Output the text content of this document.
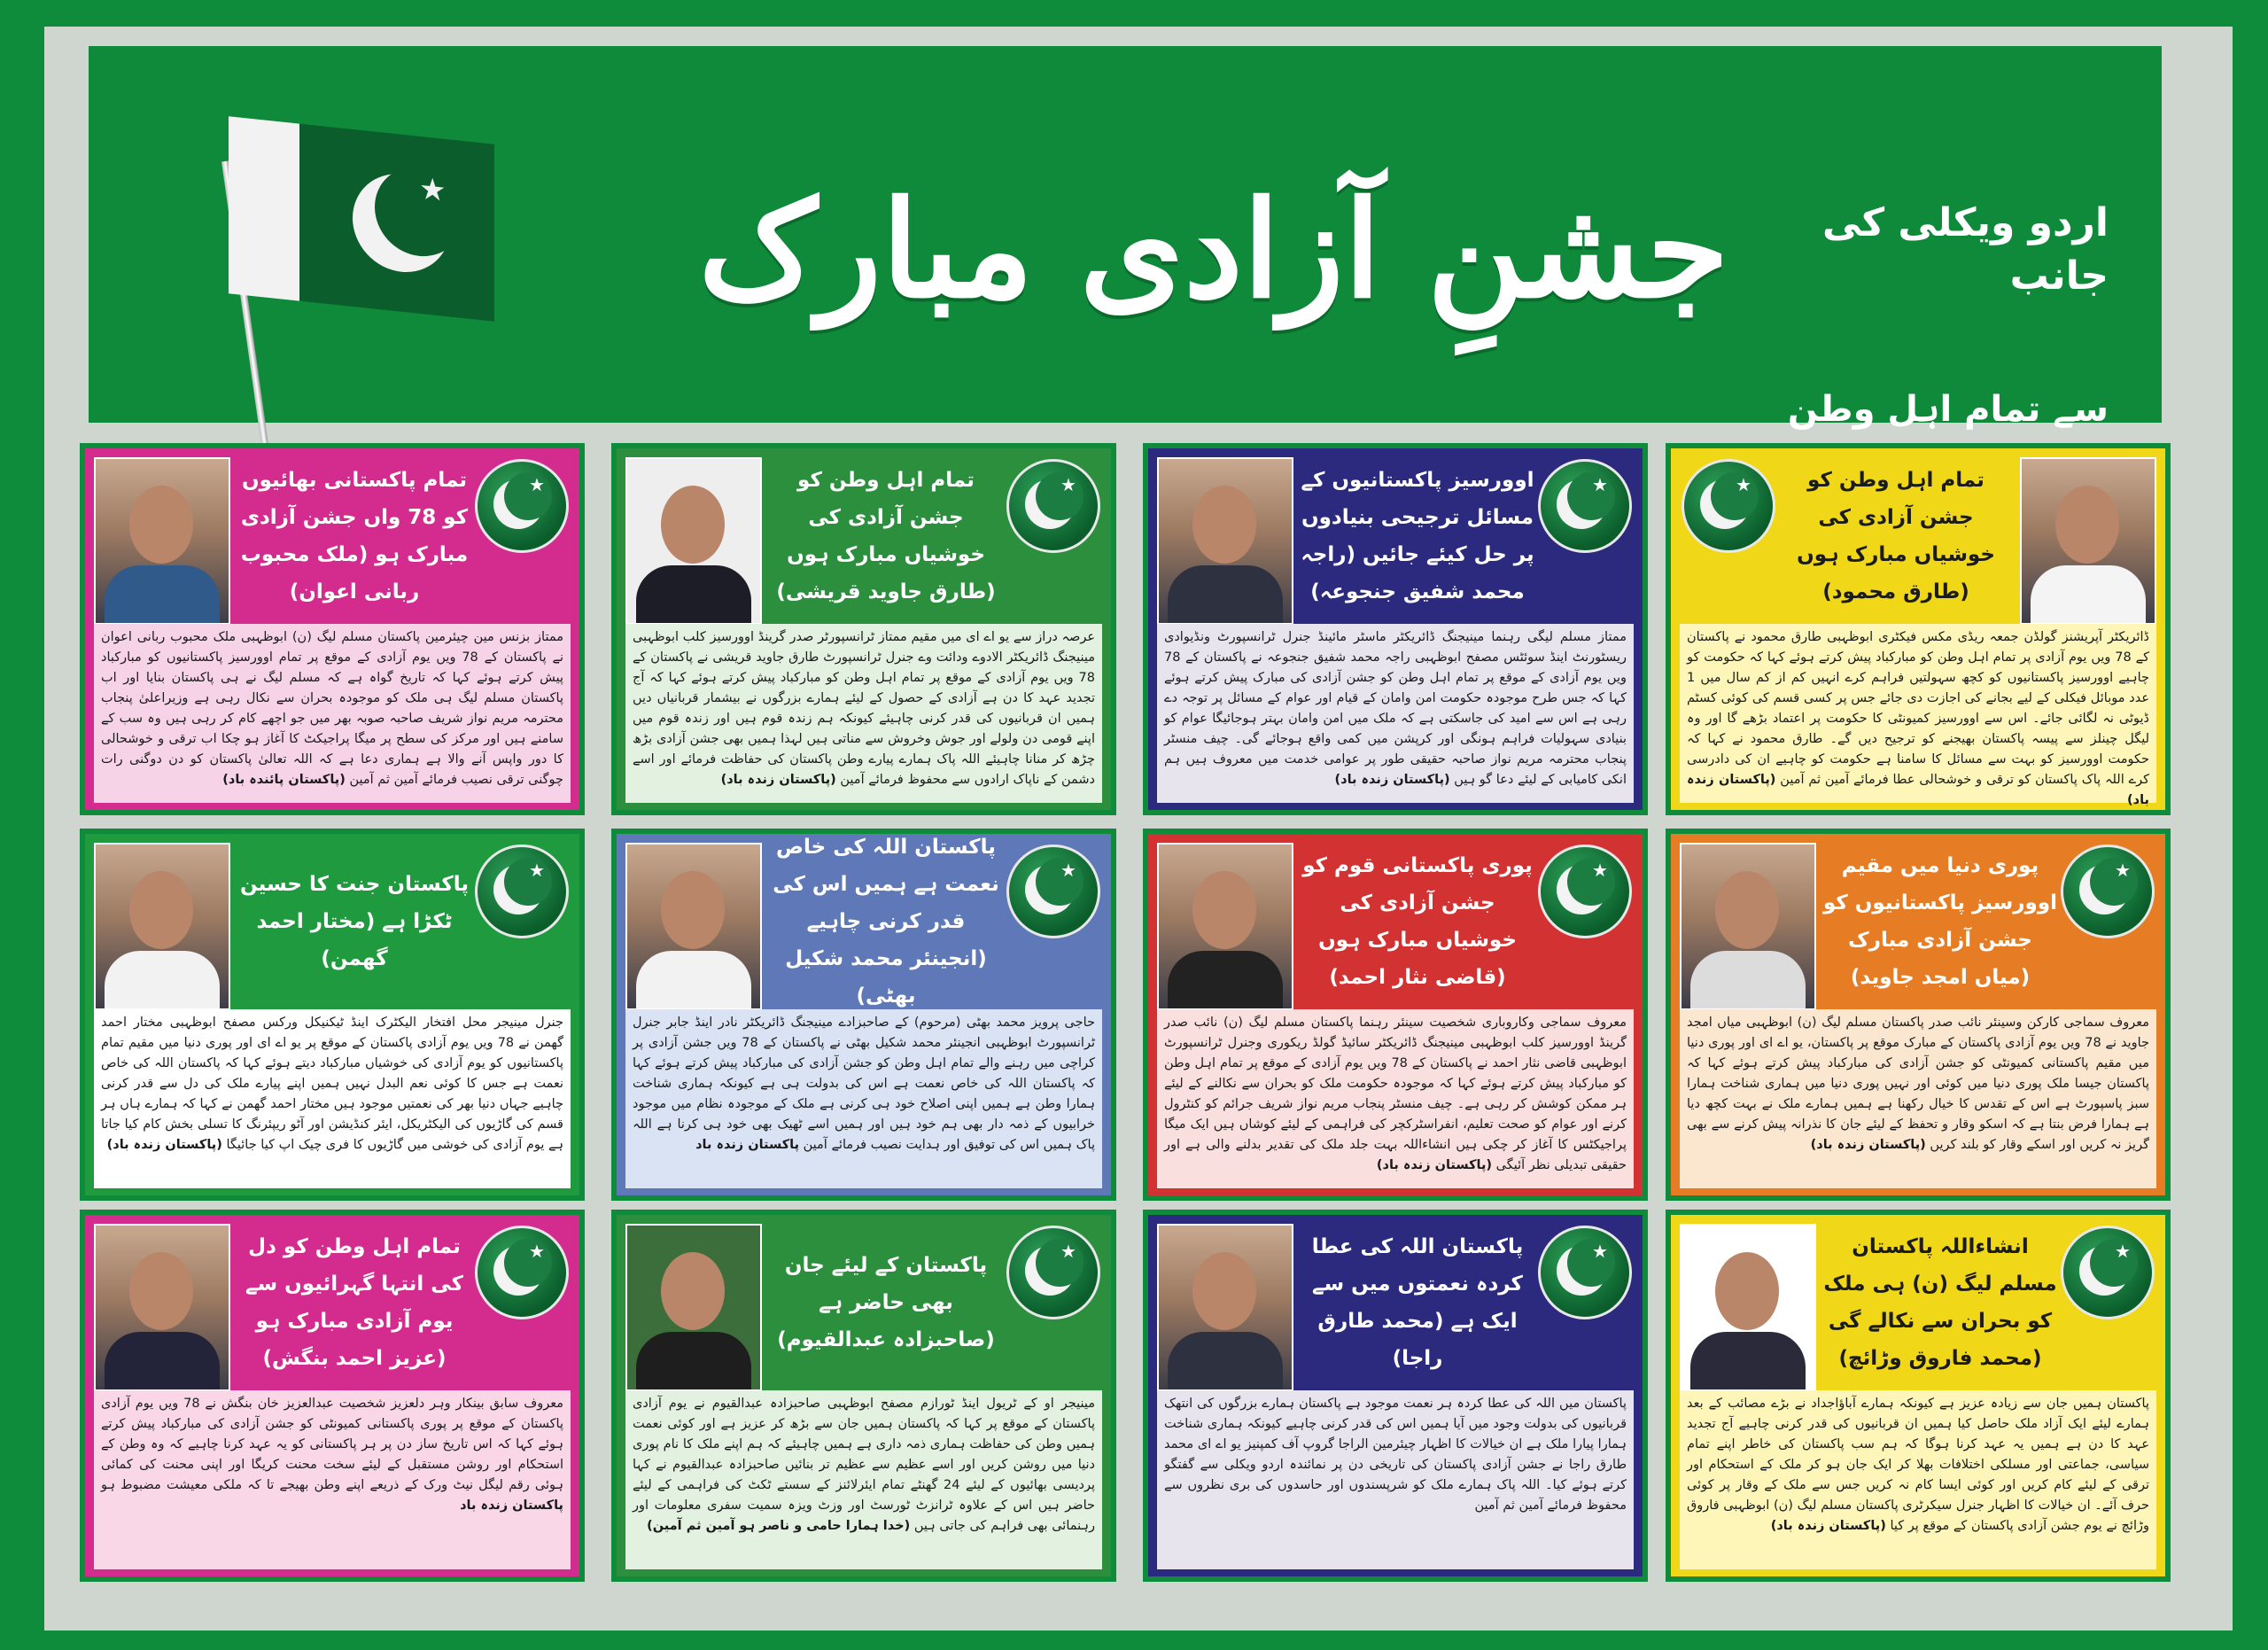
★	جشنِ آزادی مبارک	اردو ویکلی کی جانب
سے تمام اہل وطن
★	تمام اہل وطن کو جشن آزادی کی خوشیاں مبارک ہوں (طارق محمود)
ڈائریکٹر آپریشنز گولڈن جمعہ ریڈی مکس فیکٹری ابوظہبی طارق محمود نے پاکستان کے 78 ویں یوم آزادی پر تمام اہل وطن کو مبارکباد پیش کرتے ہوئے کہا کہ حکومت کو چاہیے اوورسیز پاکستانیوں کو کچھ سہولتیں فراہم کرے انہیں کم از کم سال میں 1 عدد موبائل فیکلی کے لیے بجانے کی اجازت دی جائے جس پر کسی قسم کی کوئی کسٹم ڈیوٹی نہ لگائی جائے۔ اس سے اوورسیز کمیونٹی کا حکومت پر اعتماد بڑھے گا اور وہ لیگل چینلز سے پیسہ پاکستان بھیجنے کو ترجیح دیں گے۔ طارق محمود نے کہا کہ حکومت اوورسیز کو بہت سے مسائل کا سامنا ہے حکومت کو چاہیے ان کی دادرسی کرے اللہ پاک پاکستان کو ترقی و خوشحالی عطا فرمائے آمین ثم آمین (پاکستان زندہ باد)
★
اوورسیز پاکستانیوں کے مسائل ترجیحی بنیادوں پر حل کیئے جائیں (راجہ محمد شفیق جنجوعہ)
ممتاز مسلم لیگی رہنما مینیجنگ ڈائریکٹر ماسٹر مائینڈ جنرل ٹرانسپورٹ ونڈیوادی ریسٹورنٹ اینڈ سوئٹس مصفح ابوظہبی راجہ محمد شفیق جنجوعہ نے پاکستان کے 78 ویں یوم آزادی کے موقع پر تمام اہل وطن کو جشن آزادی کی مبارک پیش کرتے ہوئے کہا کہ جس طرح موجودہ حکومت امن وامان کے قیام اور عوام کے مسائل پر توجہ دے رہی ہے اس سے امید کی جاسکتی ہے کہ ملک میں امن وامان بہتر ہوجائیگا عوام کو بنیادی سہولیات فراہم ہونگی اور کرپشن میں کمی واقع ہوجائے گی۔ چیف منسٹر پنجاب محترمہ مریم نواز صاحبہ حقیقی طور پر عوامی خدمت میں معروف ہیں ہم انکی کامیابی کے لیئے دعا گو ہیں (پاکستان زندہ باد)
★
تمام اہل وطن کو جشن آزادی کی خوشیاں مبارک ہوں (طارق جاوید قریشی)
عرصہ دراز سے یو اے ای میں مقیم ممتاز ٹرانسپورٹر صدر گرینڈ اوورسیز کلب ابوظہبی مینیجنگ ڈائریکٹر الادوے ودائت وے جنرل ٹرانسپورٹ طارق جاوید قریشی نے پاکستان کے 78 ویں یوم آزادی کے موقع پر تمام اہل وطن کو مبارکباد پیش کرتے ہوئے کہا کہ آج تجدید عہد کا دن ہے آزادی کے حصول کے لیئے ہمارے بزرگوں نے بیشمار قربانیاں دیں ہمیں ان قربانیوں کی قدر کرنی چاہیئے کیونکہ ہم زندہ قوم ہیں اور زندہ قوم میں اپنے قومی دن ولولے اور جوش وخروش سے مناتی ہیں لہذا ہمیں بھی جشن آزادی بڑھ چڑھ کر منانا چاہیئے اللہ پاک ہمارے پیارے وطن پاکستان کی حفاظت فرمائے اور اسے دشمن کے ناپاک ارادوں سے محفوظ فرمائے آمین (پاکستان زندہ باد)
★
تمام پاکستانی بھائیوں کو 78 واں جشن آزادی مبارک ہو (ملک محبوب ربانی اعوان)
ممتاز بزنس مین چیئرمین پاکستان مسلم لیگ (ن) ابوظہبی ملک محبوب ربانی اعوان نے پاکستان کے 78 ویں یوم آزادی کے موقع پر تمام اوورسیز پاکستانیوں کو مبارکباد پیش کرتے ہوئے کہا کہ تاریخ گواہ ہے کہ مسلم لیگ نے ہی پاکستان بنایا اور اب پاکستان مسلم لیگ ہی ملک کو موجودہ بحران سے نکال رہی ہے وزیراعلیٰ پنجاب محترمہ مریم نواز شریف صاحبہ صوبہ بھر میں جو اچھے کام کر رہی ہیں وہ سب کے سامنے ہیں اور مرکز کی سطح پر میگا پراجیکٹ کا آغاز ہو چکا اب ترقی و خوشحالی کا دور واپس آنے والا ہے ہماری دعا ہے کہ اللہ تعالیٰ پاکستان کو دن دوگنی رات چوگنی ترقی نصیب فرمائے آمین ثم آمین (پاکستان پائندہ باد)
★
پوری دنیا میں مقیم اوورسیز پاکستانیوں کو جشن آزادی مبارک (میاں امجد جاوید)
معروف سماجی کارکن وسینئر نائب صدر پاکستان مسلم لیگ (ن) ابوظہبی میاں امجد جاوید نے 78 ویں یوم آزادی پاکستان کے مبارک موقع پر پاکستان، یو اے ای اور پوری دنیا میں مقیم پاکستانی کمیونٹی کو جشن آزادی کی مبارکباد پیش کرتے ہوئے کہا کہ پاکستان جیسا ملک پوری دنیا میں کوئی اور نہیں پوری دنیا میں ہماری شناخت ہمارا سبز پاسپورٹ ہے اس کے تقدس کا خیال رکھنا ہے ہمیں ہمارے ملک نے بہت کچھ دیا ہے ہمارا فرض بنتا ہے کہ اسکو وقار و تحفظ کے لیئے جان کا نذرانہ پیش کرنے سے بھی گریز نہ کریں اور اسکے وقار کو بلند کریں (پاکستان زندہ باد)
★
پوری پاکستانی قوم کو جشن آزادی کی خوشیاں مبارک ہوں (قاضی نثار احمد)
معروف سماجی وکاروباری شخصیت سینئر رہنما پاکستان مسلم لیگ (ن) نائب صدر گرینڈ اوورسیز کلب ابوظہبی مینیجنگ ڈائریکٹر سائیڈ گولڈ ریکوری وجنرل ٹرانسپورٹ ابوظہبی قاضی نثار احمد نے پاکستان کے 78 ویں یوم آزادی کے موقع پر تمام اہل وطن کو مبارکباد پیش کرتے ہوئے کہا کہ موجودہ حکومت ملک کو بحران سے نکالنے کے لیئے ہر ممکن کوشش کر رہی ہے۔ چیف منسٹر پنجاب مریم نواز شریف جرائم کو کنٹرول کرنے اور عوام کو صحت تعلیم، انفراسٹرکچر کی فراہمی کے لیئے کوشاں ہیں ایک میگا پراجیکٹس کا آغاز کر چکی ہیں انشاءاللہ بہت جلد ملک کی تقدیر بدلنے والی ہے اور حقیقی تبدیلی نظر آئیگی (پاکستان زندہ باد)
★
پاکستان اللہ کی خاص نعمت ہے ہمیں اس کی قدر کرنی چاہیے (انجینئر محمد شکیل بھٹی)
حاجی پرویز محمد بھٹی (مرحوم) کے صاحبزادے مینیجنگ ڈائریکٹر نادر اینڈ جابر جنرل ٹرانسپورٹ ابوظہبی انجینئر محمد شکیل بھٹی نے پاکستان کے 78 ویں جشن آزادی پر کراچی میں رہنے والے تمام اہل وطن کو جشن آزادی کی مبارکباد پیش کرتے ہوئے کہا کہ پاکستان اللہ کی خاص نعمت ہے اس کی بدولت ہی ہے کیونکہ ہماری شناخت ہمارا وطن ہے ہمیں اپنی اصلاح خود ہی کرنی ہے ملک کے موجودہ نظام میں موجود خرابیوں کے ذمہ دار بھی ہم خود ہیں اور ہمیں اسے ٹھیک بھی خود ہی کرنا ہے اللہ پاک ہمیں اس کی توفیق اور ہدایت نصیب فرمائے آمین پاکستان زندہ باد
★
پاکستان جنت کا حسین ٹکڑا ہے (مختار احمد گھمن)
جنرل مینیجر محل افتخار الیکٹرک اینڈ ٹیکنیکل ورکس مصفح ابوظہبی مختار احمد گھمن نے 78 ویں یوم آزادی پاکستان کے موقع پر یو اے ای اور پوری دنیا میں مقیم تمام پاکستانیوں کو یوم آزادی کی خوشیاں مبارکباد دیتے ہوئے کہا کہ پاکستان اللہ کی خاص نعمت ہے جس کا کوئی نعم البدل نہیں ہمیں اپنے پیارے ملک کی دل سے قدر کرنی چاہیے جہاں دنیا بھر کی نعمتیں موجود ہیں مختار احمد گھمن نے کہا کہ ہمارے ہاں ہر قسم کی گاڑیوں کی الیکٹریکل، ایئر کنڈیشن اور آٹو ریپئرنگ کا تسلی بخش کام کیا جاتا ہے یوم آزادی کی خوشی میں گاڑیوں کا فری چیک اپ کیا جائیگا (پاکستان زندہ باد)
★
انشاءاللہ پاکستان مسلم لیگ (ن) ہی ملک کو بحران سے نکالے گی (محمد فاروق وڑائچ)
پاکستان ہمیں جان سے زیادہ عزیز ہے کیونکہ ہمارے آباؤاجداد نے بڑے مصائب کے بعد ہمارے لیئے ایک آزاد ملک حاصل کیا ہمیں ان قربانیوں کی قدر کرنی چاہیے آج تجدید عہد کا دن ہے ہمیں یہ عہد کرنا ہوگا کہ ہم سب پاکستان کی خاطر اپنے تمام سیاسی، جماعتی اور مسلکی اختلافات بھلا کر ایک جان ہو کر ملک کے استحکام اور ترقی کے لیئے کام کریں اور کوئی ایسا کام نہ کریں جس سے ملک کے وقار پر کوئی حرف آئے۔ ان خیالات کا اظہار جنرل سیکرٹری پاکستان مسلم لیگ (ن) ابوظہبی فاروق وڑائچ نے یوم جشن آزادی پاکستان کے موقع پر کیا (پاکستان زندہ باد)
★
پاکستان اللہ کی عطا کردہ نعمتوں میں سے ایک ہے (محمد طارق راجا)
پاکستان میں اللہ کی عطا کردہ ہر نعمت موجود ہے پاکستان ہمارے بزرگوں کی انتھک قربانیوں کی بدولت وجود میں آیا ہمیں اس کی قدر کرنی چاہیے کیونکہ ہماری شناخت ہمارا پیارا ملک ہے ان خیالات کا اظہار چیئرمین الراجا گروپ آف کمپنیز یو اے ای محمد طارق راجا نے جشن آزادی پاکستان کی تاریخی دن پر نمائندہ اردو ویکلی سے گفتگو کرتے ہوئے کیا۔ اللہ پاک ہمارے ملک کو شرپسندوں اور حاسدوں کی بری نظروں سے محفوظ فرمائے آمین ثم آمین
★
پاکستان کے لیئے جان بھی حاضر ہے (صاحبزادہ عبدالقیوم)
مینیجر او کے ٹریول اینڈ ٹورازم مصفح ابوظہبی صاحبزادہ عبدالقیوم نے یوم آزادی پاکستان کے موقع پر کہا کہ پاکستان ہمیں جان سے بڑھ کر عزیز ہے اور کوئی نعمت ہمیں وطن کی حفاظت ہماری ذمہ داری ہے ہمیں چاہیئے کہ ہم اپنے ملک کا نام پوری دنیا میں روشن کریں اور اسے عظیم سے عظیم تر بنائیں صاحبزادہ عبدالقیوم نے کہا پردیسی بھائیوں کے لیئے 24 گھنٹے تمام ایئرلائنز کے سستے ٹکٹ کی فراہمی کے لیئے حاضر ہیں اس کے علاوہ ٹرانزٹ ٹورسٹ اور وزٹ ویزہ سمیت سفری معلومات اور رہنمائی بھی فراہم کی جاتی ہیں (خدا ہمارا حامی و ناصر ہو آمین ثم آمین)
★
تمام اہل وطن کو دل کی انتہا گہرائیوں سے یوم آزادی مبارک ہو (عزیز احمد بنگش)
معروف سابق بینکار وہر دلعزیز شخصیت عبدالعزیز خان بنگش نے 78 ویں یوم آزادی پاکستان کے موقع پر پوری پاکستانی کمیونٹی کو جشن آزادی کی مبارکباد پیش کرتے ہوئے کہا کہ اس تاریخ ساز دن پر ہر پاکستانی کو یہ عہد کرنا چاہیے کہ وہ وطن کے استحکام اور روشن مستقبل کے لیئے سخت محنت کریگا اور اپنی محنت کی کمائی ہوئی رقم لیگل نیٹ ورک کے ذریعے اپنے وطن بھیجے تا کہ ملکی معیشت مضبوط ہو پاکستان زندہ باد
